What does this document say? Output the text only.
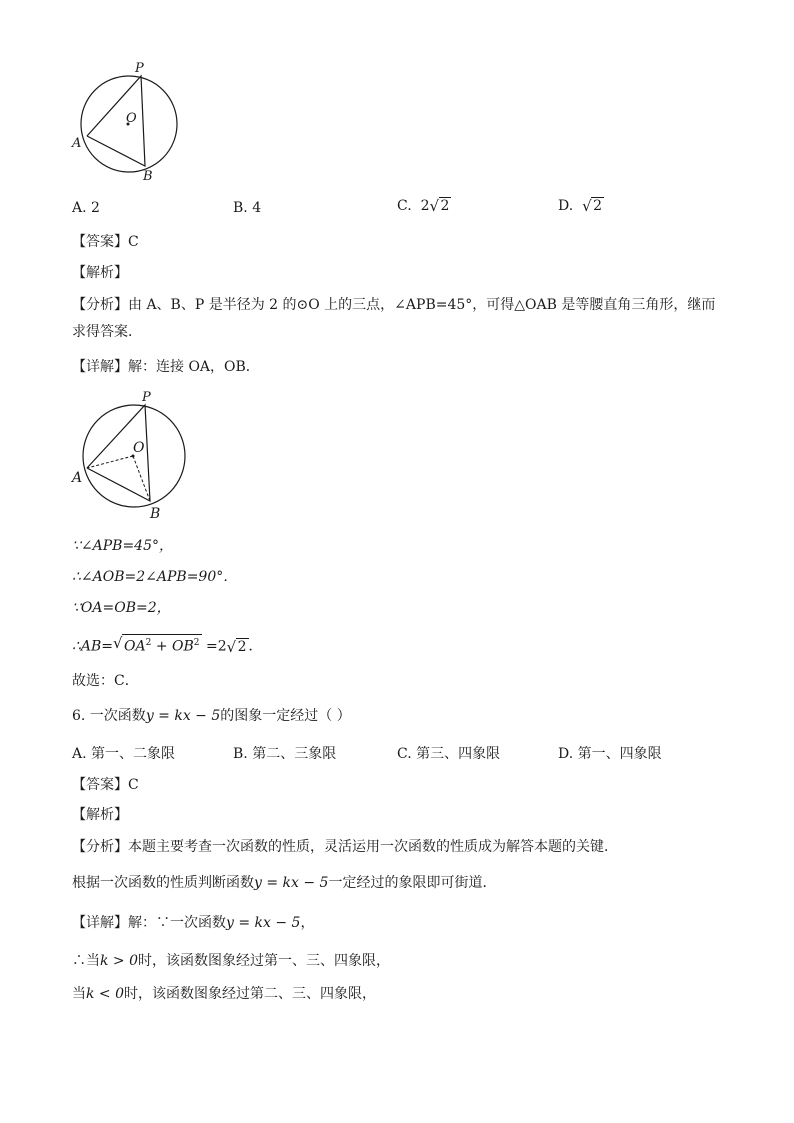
P
O
A
B
A. 2	B. 4	C. 2 √ 2	D. √ 2
【答案】C
【解析】
【分析】由 A、B、P 是半径为 2 的⊙O 上的三点，∠APB=45°，可得△OAB 是等腰直角三角形，继而求得答案．
【详解】解：连接 OA，OB．
P
O
A
B
∵∠APB=45°，
∴∠AOB=2∠APB=90°．
∵OA=OB=2，
∴AB= √ $OA^2 + OB^2 =2$ √ 2 ．
故选：C．
6. 一次函数y = kx − 5的图象一定经过（ ）
A. 第一、二象限	B. 第二、三象限	C. 第三、四象限	D. 第一、四象限
【答案】C
【解析】
【分析】本题主要考查一次函数的性质，灵活运用一次函数的性质成为解答本题的关键．
根据一次函数的性质判断函数y = kx − 5一定经过的象限即可街道．
【详解】解：∵一次函数y = kx − 5，
∴当k > 0时，该函数图象经过第一、三、四象限，
当k < 0时，该函数图象经过第二、三、四象限，
